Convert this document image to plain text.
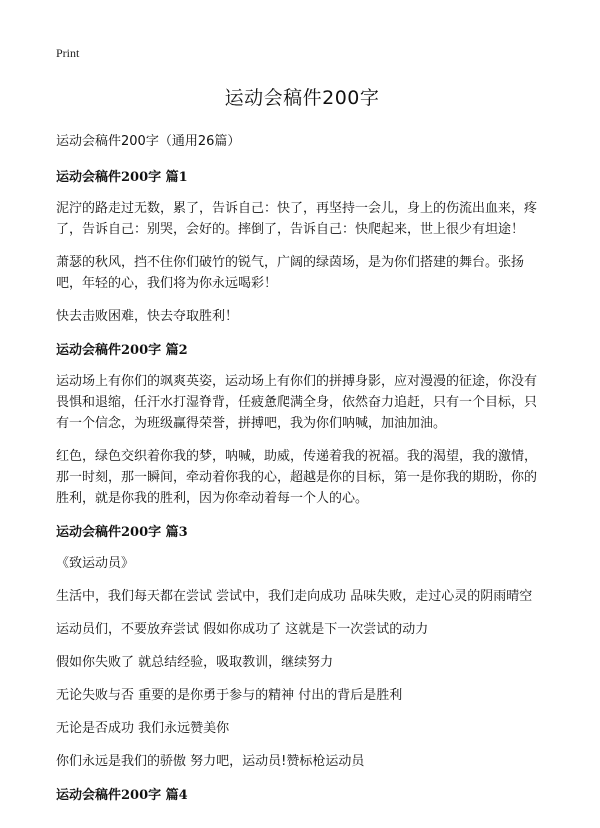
Print
运动会稿件200字

运动会稿件200字（通用26篇）

运动会稿件200字 篇1

泥泞的路走过无数，累了，告诉自己：快了，再坚持一会儿，身上的伤流出血来，疼了，告诉自己：别哭，会好的。摔倒了，告诉自己：快爬起来，世上很少有坦途！

萧瑟的秋风，挡不住你们破竹的锐气，广阔的绿茵场，是为你们搭建的舞台。张扬吧，年轻的心，我们将为你永远喝彩！

快去击败困难，快去夺取胜利！

运动会稿件200字 篇2

运动场上有你们的飒爽英姿，运动场上有你们的拼搏身影，应对漫漫的征途，你没有畏惧和退缩，任汗水打湿脊背，任疲惫爬满全身，依然奋力追赶，只有一个目标，只有一个信念，为班级赢得荣誉，拼搏吧，我为你们呐喊，加油加油。

红色，绿色交织着你我的梦，呐喊，助威，传递着我的祝福。我的渴望，我的激情，那一时刻，那一瞬间，牵动着你我的心，超越是你的目标，第一是你我的期盼，你的胜利，就是你我的胜利，因为你牵动着每一个人的心。

运动会稿件200字 篇3

《致运动员》

生活中，我们每天都在尝试 尝试中，我们走向成功 品味失败，走过心灵的阴雨晴空

运动员们，不要放弃尝试 假如你成功了 这就是下一次尝试的动力

假如你失败了 就总结经验，吸取教训，继续努力

无论失败与否 重要的是你勇于参与的精神 付出的背后是胜利

无论是否成功 我们永远赞美你

你们永远是我们的骄傲 努力吧，运动员!赞标枪运动员

运动会稿件200字 篇4
